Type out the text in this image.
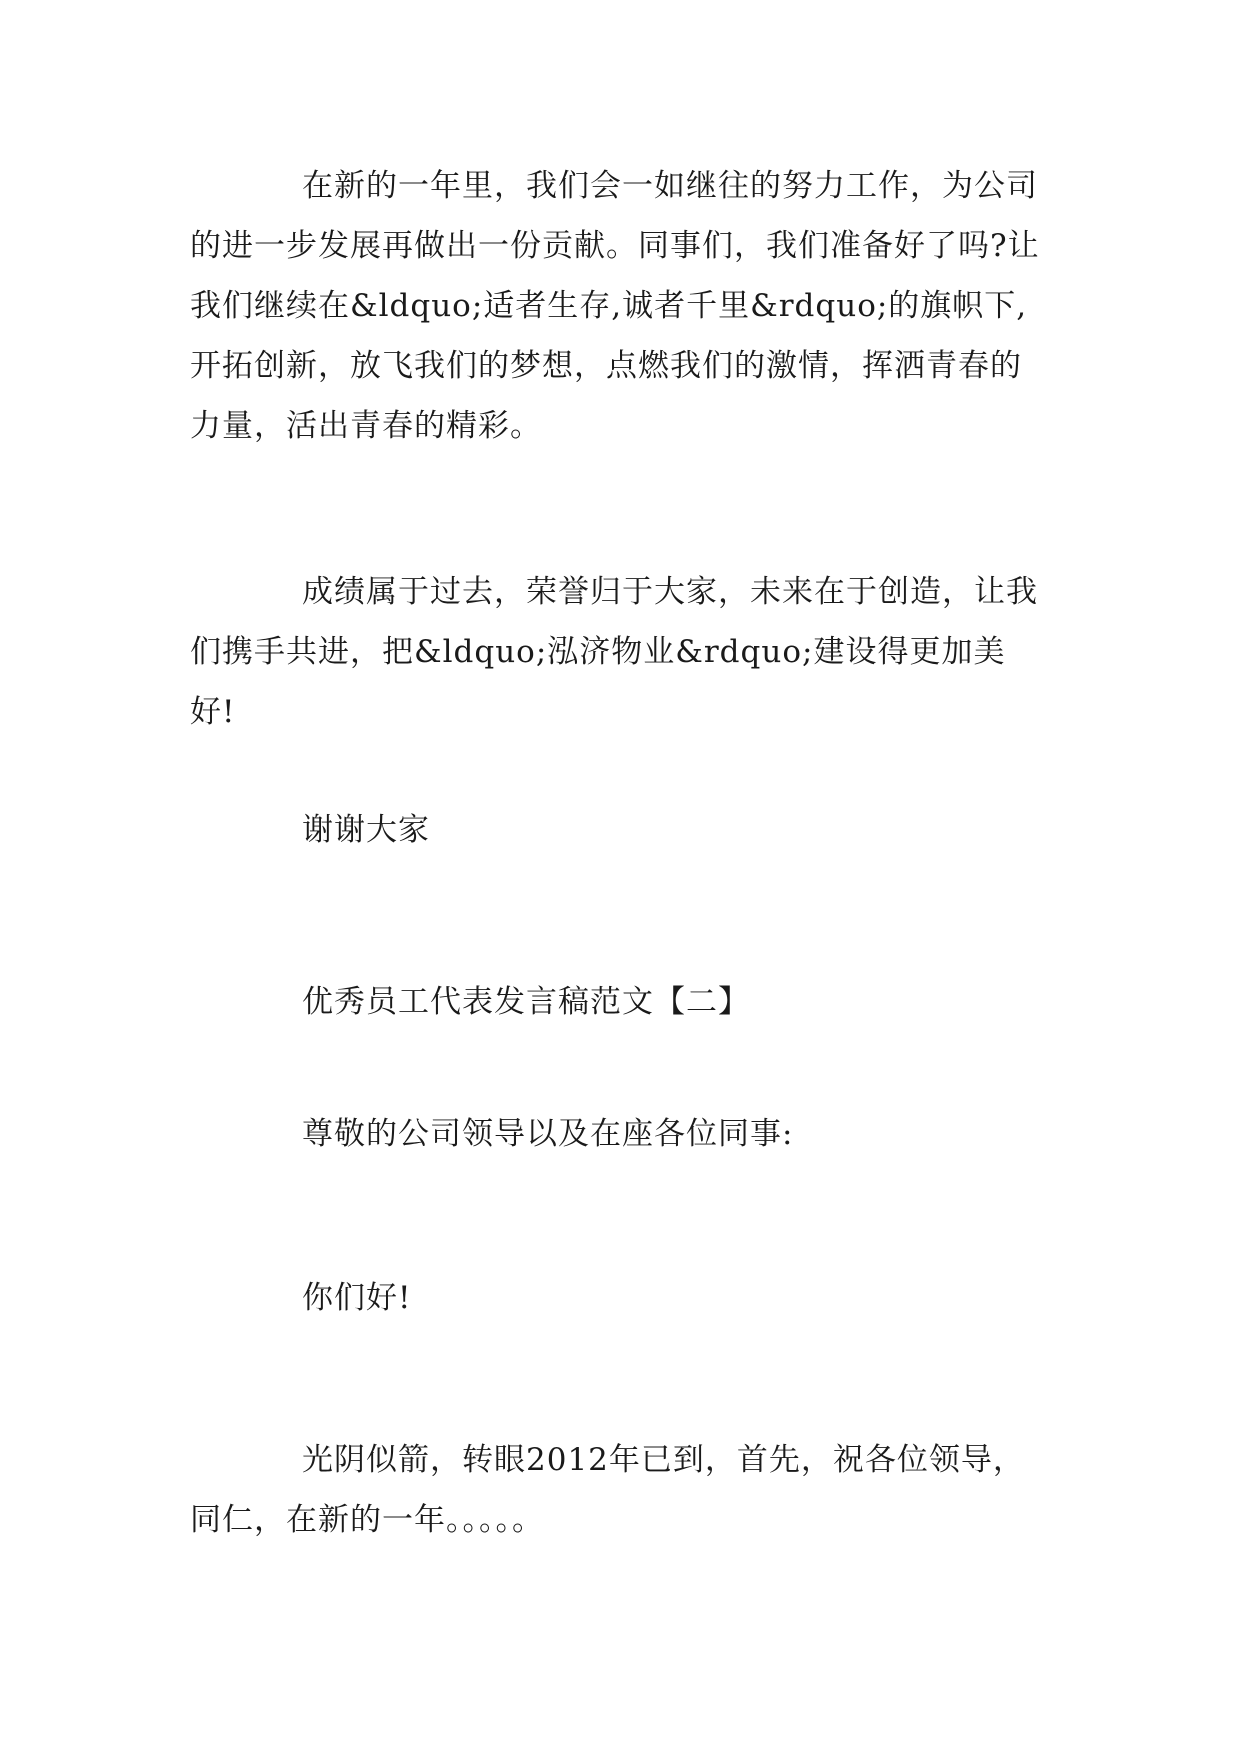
在新的一年里，我们会一如继往的努力工作，为公司的进一步发展再做出一份贡献。同事们，我们准备好了吗?让我们继续在&ldquo;适者生存,诚者千里&rdquo;的旗帜下,开拓创新，放飞我们的梦想，点燃我们的激情，挥洒青春的力量，活出青春的精彩。

成绩属于过去，荣誉归于大家，未来在于创造，让我们携手共进，把&ldquo;泓济物业&rdquo;建设得更加美好!

谢谢大家

优秀员工代表发言稿范文【二】

尊敬的公司领导以及在座各位同事:

你们好!

光阴似箭，转眼2012年已到，首先，祝各位领导，同仁，在新的一年。。。。。
